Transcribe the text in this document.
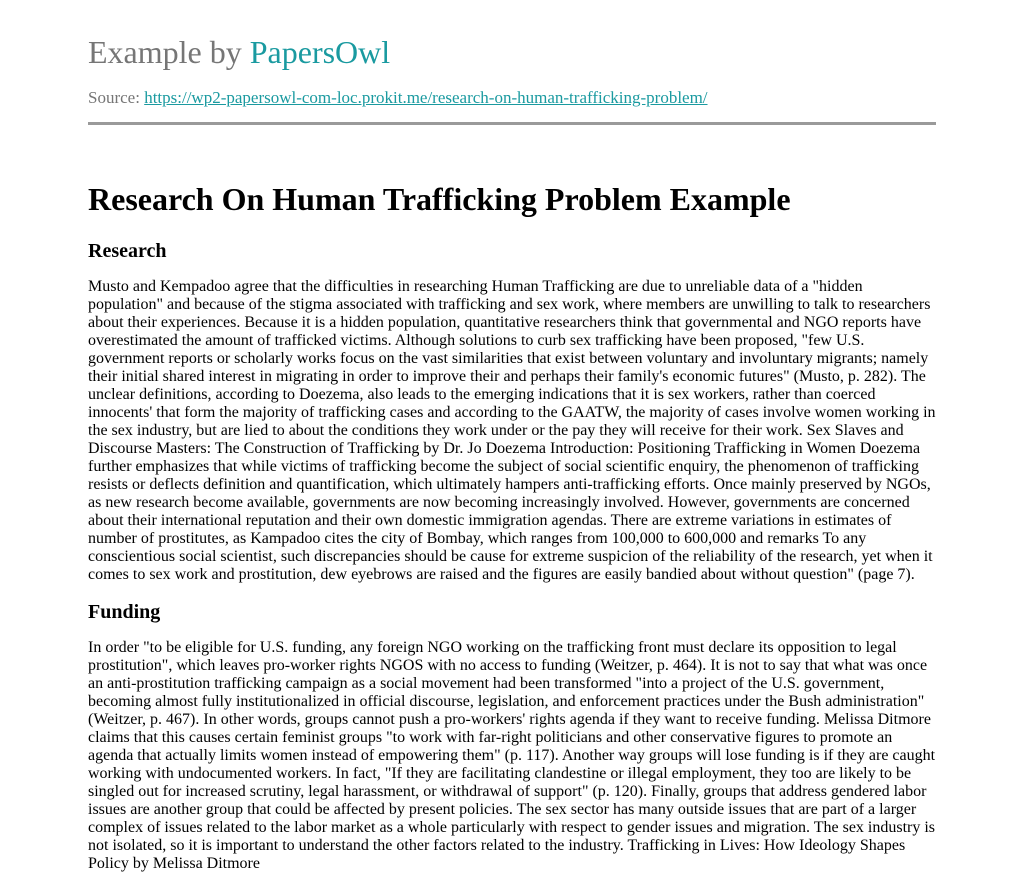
Example by PapersOwl
Source: https://wp2-papersowl-com-loc.prokit.me/research-on-human-trafficking-problem/
Research On Human Trafficking Problem Example
Research

Musto and Kempadoo agree that the difficulties in researching Human Trafficking are due to unreliable data of a "hidden population" and because of the stigma associated with trafficking and sex work, where members are unwilling to talk to researchers about their experiences. Because it is a hidden population, quantitative researchers think that governmental and NGO reports have overestimated the amount of trafficked victims. Although solutions to curb sex trafficking have been proposed, "few U.S. government reports or scholarly works focus on the vast similarities that exist between voluntary and involuntary migrants; namely their initial shared interest in migrating in order to improve their and perhaps their family's economic futures" (Musto, p. 282). The unclear definitions, according to Doezema, also leads to the emerging indications that it is sex workers, rather than coerced innocents' that form the majority of trafficking cases and according to the GAATW, the majority of cases involve women working in the sex industry, but are lied to about the conditions they work under or the pay they will receive for their work. Sex Slaves and Discourse Masters: The Construction of Trafficking by Dr. Jo Doezema Introduction: Positioning Trafficking in Women Doezema further emphasizes that while victims of trafficking become the subject of social scientific enquiry, the phenomenon of trafficking resists or deflects definition and quantification, which ultimately hampers anti-trafficking efforts. Once mainly preserved by NGOs, as new research become available, governments are now becoming increasingly involved. However, governments are concerned about their international reputation and their own domestic immigration agendas. There are extreme variations in estimates of number of prostitutes, as Kampadoo cites the city of Bombay, which ranges from 100,000 to 600,000 and remarks To any conscientious social scientist, such discrepancies should be cause for extreme suspicion of the reliability of the research, yet when it comes to sex work and prostitution, dew eyebrows are raised and the figures are easily bandied about without question" (page 7).

Funding

In order "to be eligible for U.S. funding, any foreign NGO working on the trafficking front must declare its opposition to legal prostitution", which leaves pro-worker rights NGOS with no access to funding (Weitzer, p. 464). It is not to say that what was once an anti-prostitution trafficking campaign as a social movement had been transformed "into a project of the U.S. government, becoming almost fully institutionalized in official discourse, legislation, and enforcement practices under the Bush administration" (Weitzer, p. 467). In other words, groups cannot push a pro-workers' rights agenda if they want to receive funding. Melissa Ditmore claims that this causes certain feminist groups "to work with far-right politicians and other conservative figures to promote an agenda that actually limits women instead of empowering them" (p. 117). Another way groups will lose funding is if they are caught working with undocumented workers. In fact, "If they are facilitating clandestine or illegal employment, they too are likely to be singled out for increased scrutiny, legal harassment, or withdrawal of support" (p. 120). Finally, groups that address gendered labor issues are another group that could be affected by present policies. The sex sector has many outside issues that are part of a larger complex of issues related to the labor market as a whole particularly with respect to gender issues and migration. The sex industry is not isolated, so it is important to understand the other factors related to the industry. Trafficking in Lives: How Ideology Shapes Policy by Melissa Ditmore
